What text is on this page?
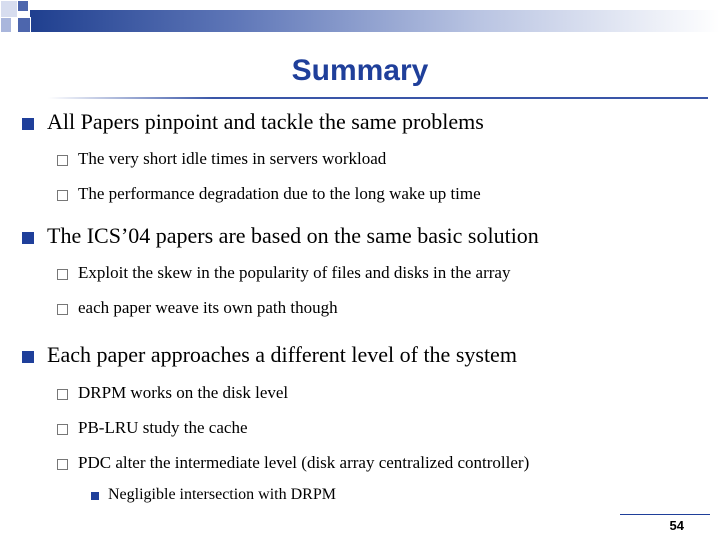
Summary
All Papers pinpoint and tackle the same problems
The very short idle times in servers workload
The performance degradation due to the long wake up time
The ICS’04 papers are based on the same basic solution
Exploit the skew in the popularity of files and disks in the array
each paper weave its own path though
Each paper approaches a different level of the system
DRPM works on the disk level
PB-LRU study the cache
PDC alter the intermediate level (disk array centralized controller)
Negligible intersection with DRPM
54
